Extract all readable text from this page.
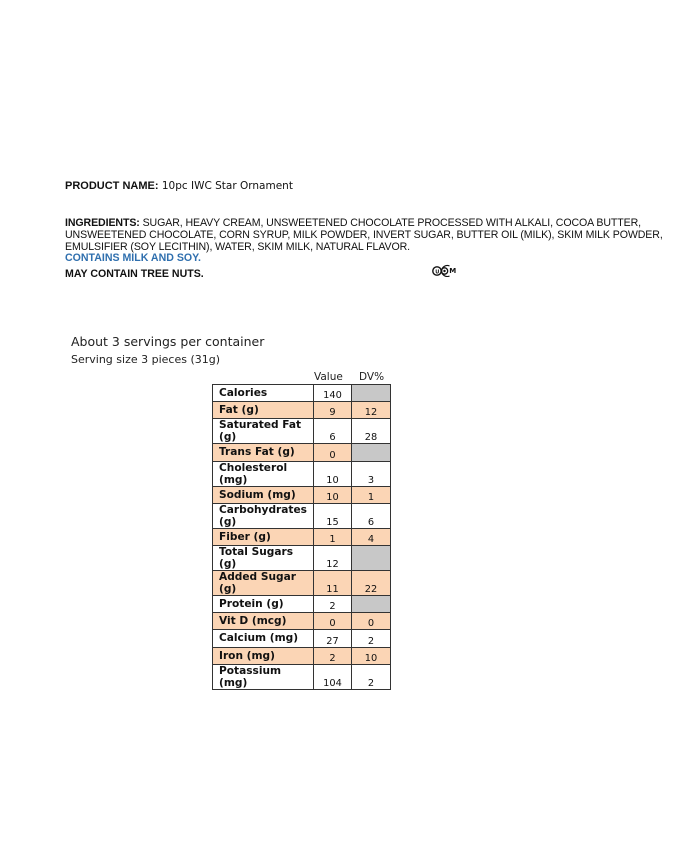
PRODUCT NAME: 10pc IWC Star Ornament
INGREDIENTS: SUGAR, HEAVY CREAM, UNSWEETENED CHOCOLATE PROCESSED WITH ALKALI, COCOA BUTTER, UNSWEETENED CHOCOLATE, CORN SYRUP, MILK POWDER, INVERT SUGAR, BUTTER OIL (MILK), SKIM MILK POWDER, EMULSIFIER (SOY LECITHIN), WATER, SKIM MILK, NATURAL FLAVOR.
CONTAINS MILK AND SOY.
MAY CONTAIN TREE NUTS.	U M
About 3 servings per container
Serving size 3 pieces (31g)
Value DV%
Calories	140	
Fat (g)	9	12
Saturated Fat (g)	6	28
Trans Fat (g)	0	
Cholesterol (mg)	10	3
Sodium (mg)	10	1
Carbohydrates (g)	15	6
Fiber (g)	1	4
Total Sugars (g)	12	
Added Sugar (g)	11	22
Protein (g)	2	
Vit D (mcg)	0	0
Calcium (mg)	27	2
Iron (mg)	2	10
Potassium (mg)	104	2
